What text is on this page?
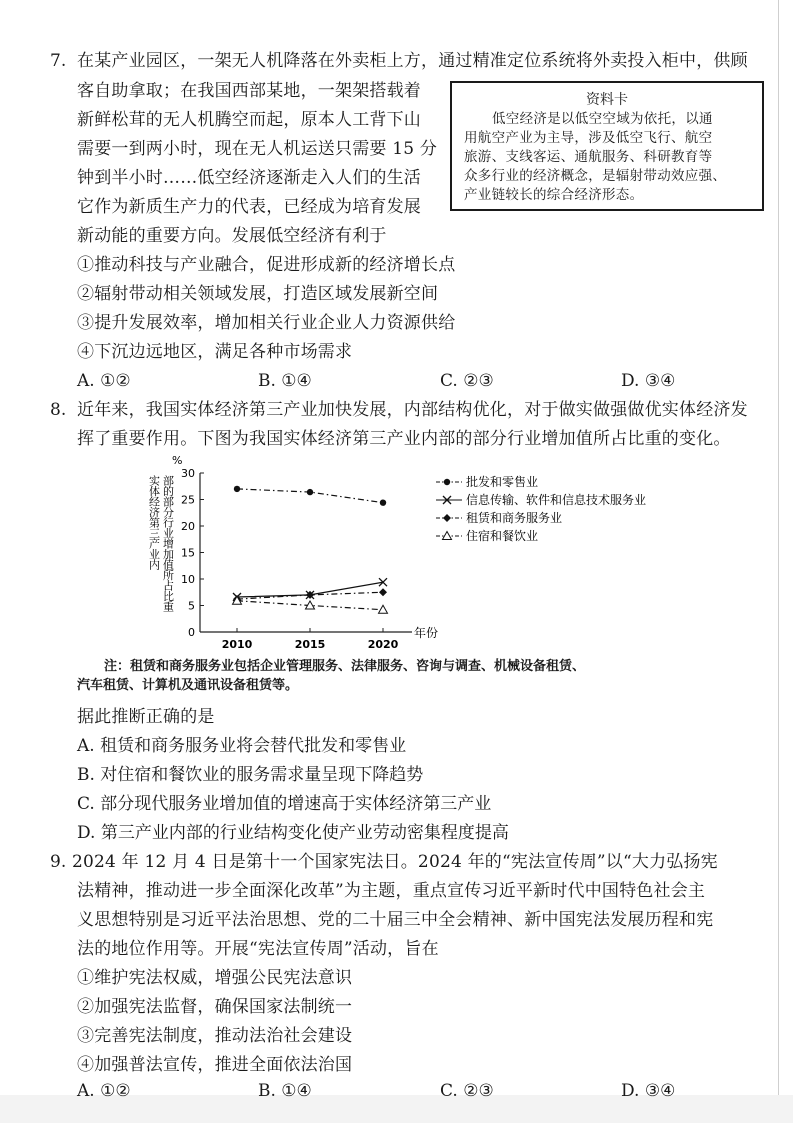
7. 在某产业园区，一架无人机降落在外卖柜上方，通过精准定位系统将外卖投入柜中，供顾
客自助拿取；在我国西部某地，一架架搭载着
新鲜松茸的无人机腾空而起，原本人工背下山
需要一到两小时，现在无人机运送只需要 15 分
钟到半小时……低空经济逐渐走入人们的生活
它作为新质生产力的代表，已经成为培育发展
新动能的重要方向。发展低空经济有利于
资料卡
低空经济是以低空空域为依托，以通
用航空产业为主导，涉及低空飞行、航空
旅游、支线客运、通航服务、科研教育等
众多行业的经济概念，是辐射带动效应强、
产业链较长的综合经济形态。
①推动科技与产业融合，促进形成新的经济增长点
②辐射带动相关领域发展，打造区域发展新空间
③提升发展效率，增加相关行业企业人力资源供给
④下沉边远地区，满足各种市场需求
A. ①②	B. ①④	C. ②③	D. ③④
8. 近年来，我国实体经济第三产业加快发展，内部结构优化，对于做实做强做优实体经济发
挥了重要作用。下图为我国实体经济第三产业内部的部分行业增加值所占比重的变化。
0
5
10
15
20
25
30
%
2010	2015	2020
年份
实体经济第三产业内 部的部分行业增加值所占比重	批发和零售业
信息传输、软件和信息技术服务业
租赁和商务服务业
住宿和餐饮业
注：租赁和商务服务业包括企业管理服务、法律服务、咨询与调查、机械设备租赁、
汽车租赁、计算机及通讯设备租赁等。
据此推断正确的是
A. 租赁和商务服务业将会替代批发和零售业
B. 对住宿和餐饮业的服务需求量呈现下降趋势
C. 部分现代服务业增加值的增速高于实体经济第三产业
D. 第三产业内部的行业结构变化使产业劳动密集程度提高
9. 2024 年 12 月 4 日是第十一个国家宪法日。2024 年的“宪法宣传周”以“大力弘扬宪
法精神，推动进一步全面深化改革”为主题，重点宣传习近平新时代中国特色社会主
义思想特别是习近平法治思想、党的二十届三中全会精神、新中国宪法发展历程和宪
法的地位作用等。开展“宪法宣传周”活动，旨在
①维护宪法权威，增强公民宪法意识
②加强宪法监督，确保国家法制统一
③完善宪法制度，推动法治社会建设
④加强普法宣传，推进全面依法治国
A. ①②	B. ①④	C. ②③	D. ③④
